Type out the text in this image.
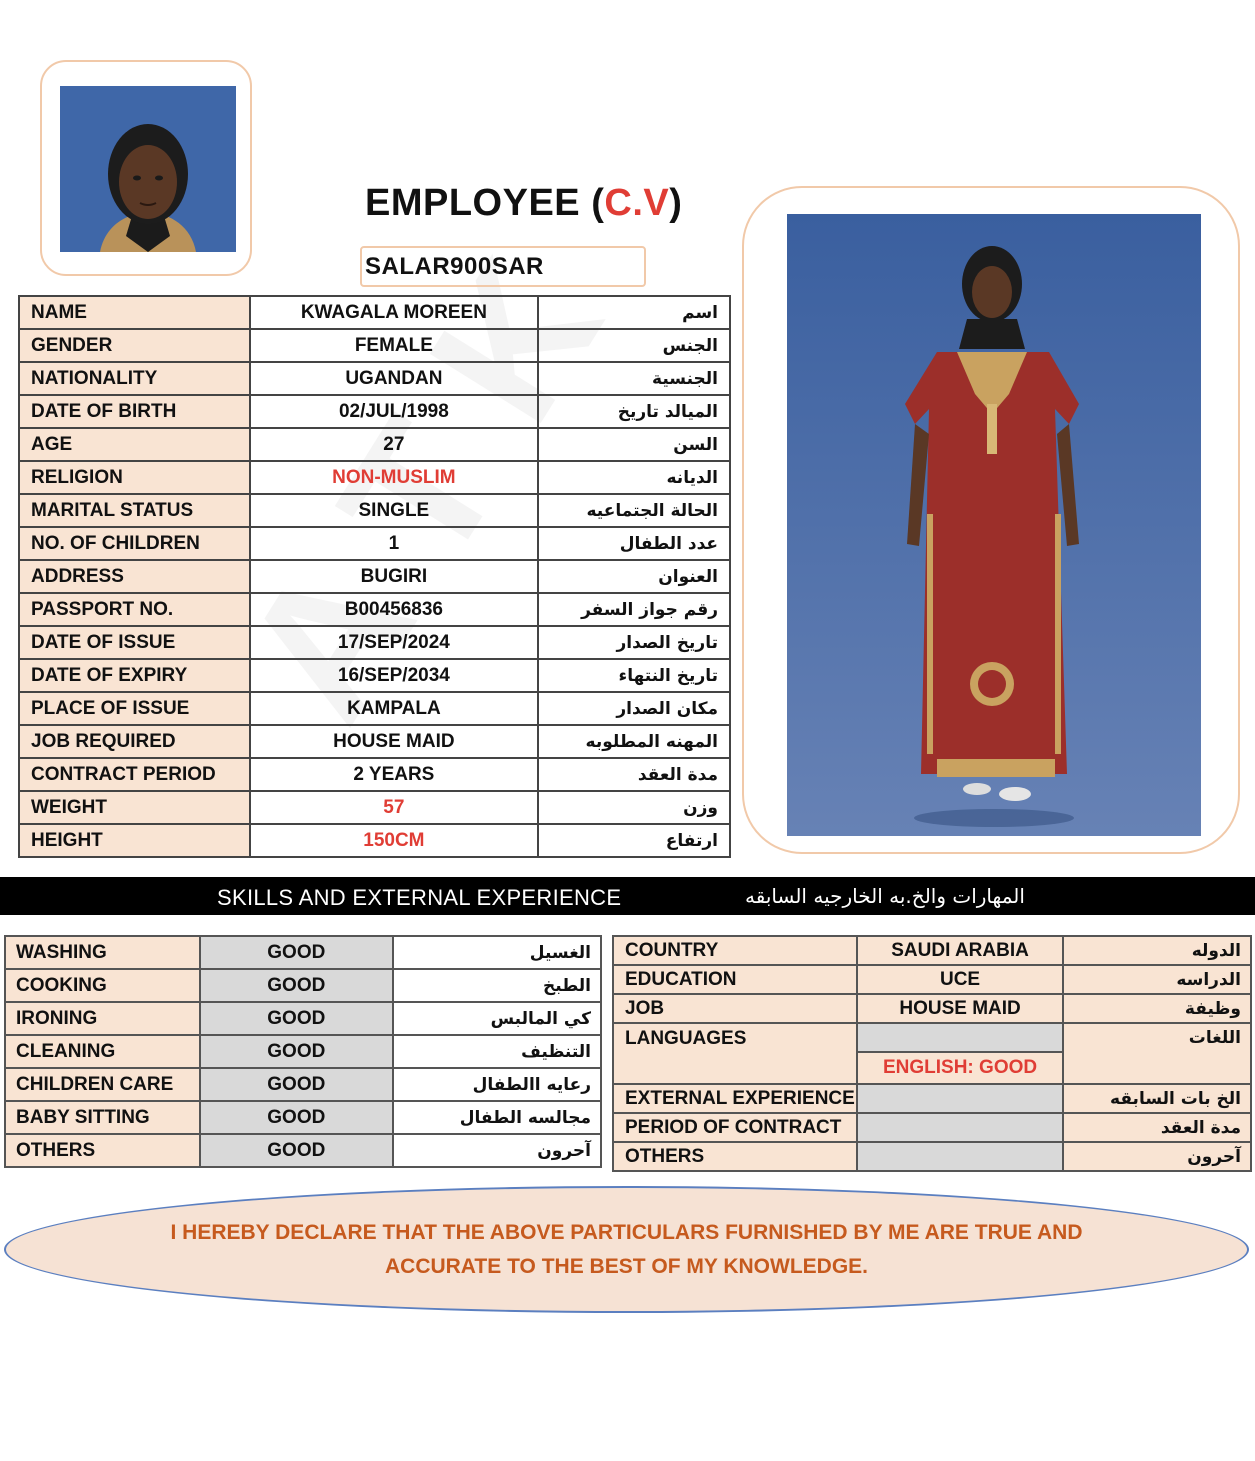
EMPLOYEE (C.V)
SALAR900SAR
NAME	KWAGALA MOREEN	اسم
GENDER	FEMALE	الجنس
NATIONALITY	UGANDAN	الجنسية
DATE OF BIRTH	02/JUL/1998	الميالد تاريخ
AGE	27	السن
RELIGION	NON-MUSLIM	الديانه
MARITAL STATUS	SINGLE	الحالة الجتماعيه
NO. OF CHILDREN	1	عدد الطفال
ADDRESS	BUGIRI	العنوان
PASSPORT NO.	B00456836	رقم جواز السفر
DATE OF ISSUE	17/SEP/2024	تاريخ الصدار
DATE OF EXPIRY	16/SEP/2034	تاريخ النتهاء
PLACE OF ISSUE	KAMPALA	مكان الصدار
JOB REQUIRED	HOUSE MAID	المهنه المطلوبه
CONTRACT PERIOD	2 YEARS	مدة العقد
WEIGHT	57	وزن
HEIGHT	150CM	ارتفاع
SKILLS AND EXTERNAL EXPERIENCE	المهارات والخ.به الخارجيه السابقه
WASHING	GOOD	الغسيل
COOKING	GOOD	الطبخ
IRONING	GOOD	كي المالبس
CLEANING	GOOD	التنظيف
CHILDREN CARE	GOOD	رعايه االطفال
BABY SITTING	GOOD	مجالسه الطفال
OTHERS	GOOD	آحرون
COUNTRY	SAUDI ARABIA	الدوله
EDUCATION	UCE	الدراسه
JOB	HOUSE MAID	وظيفة
LANGUAGES		اللغات
	ENGLISH: GOOD	
EXTERNAL EXPERIENCE		الخ بات السابقه
PERIOD OF CONTRACT		مدة العقد
OTHERS		آحرون
I HEREBY DECLARE THAT THE ABOVE PARTICULARS FURNISHED BY ME ARE TRUE AND
ACCURATE TO THE BEST OF MY KNOWLEDGE.
